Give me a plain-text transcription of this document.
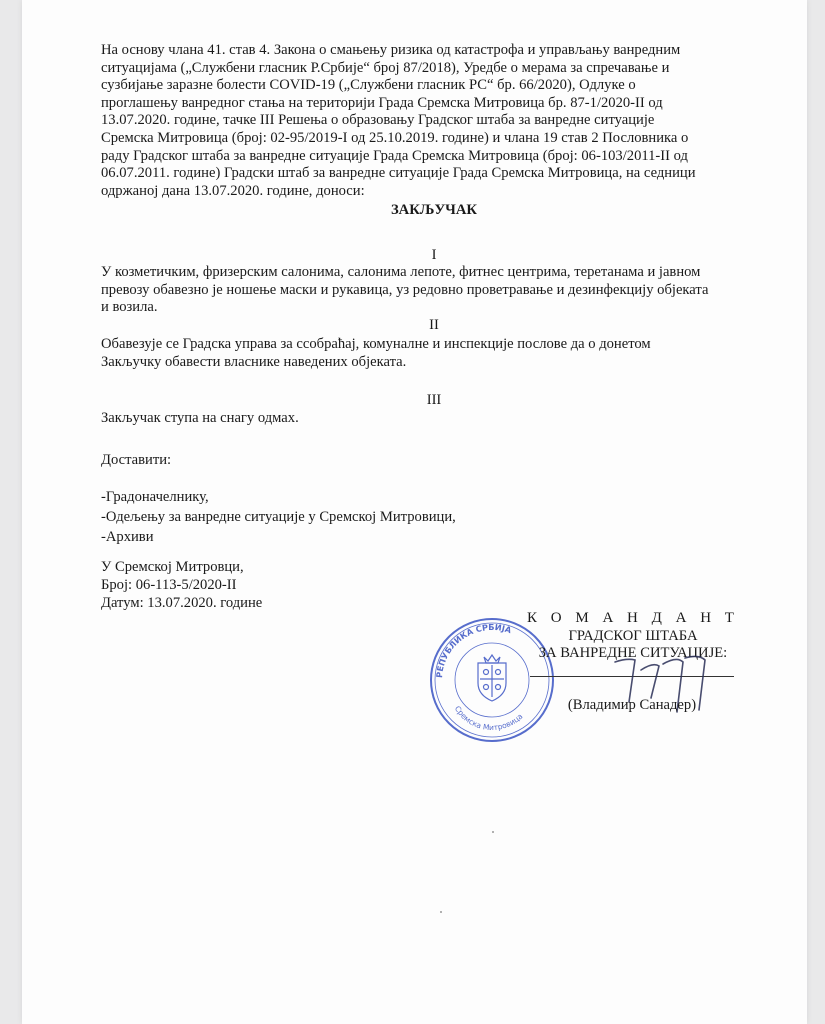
На основу члана 41. став 4. Закона о смањењу ризика од катастрофа и управљању ванредним
ситуацијама („Службени гласник Р.Србије“ број 87/2018), Уредбе о мерама за спречавање и
сузбијање заразне болести COVID-19 („Службени гласник РС“ бр. 66/2020), Одлуке о
проглашењу ванредног стања на територији Града Сремска Митровица бр. 87-1/2020-II од
13.07.2020. године, тачке III Решења о образовању Градског штаба за ванредне ситуације
Сремска Митровица (број: 02-95/2019-I од 25.10.2019. године) и члана 19 став 2 Пословника о
раду Градског штаба за ванредне ситуације Града Сремска Митровица (број: 06-103/2011-II од
06.07.2011. године) Градски штаб за ванредне ситуације Града Сремска Митровица, на седници
одржаној дана 13.07.2020. године, доноси:
ЗАКЉУЧАК
I
У козметичким, фризерским салонима, салонима лепоте, фитнес центрима, теретанама и јавном
превозу обавезно је ношење маски и рукавица, уз редовно проветравање и дезинфекцију објеката
и возила.
II
Обавезује се Градска управа за ссобраћај, комуналне и инспекције послове да о донетом
Закључку обавести власнике наведених објеката.
III
Закључак ступа на снагу одмах.
Доставити:
-Градоначелнику,
-Одељењу за ванредне ситуације у Сремској Митровици,
-Архиви
У Сремској Митровци,
Број: 06-113-5/2020-II
Датум: 13.07.2020. године
РЕПУБЛИКА СРБИЈА
Сремска Митровица
К О М А Н Д А Н Т
ГРАДСКОГ ШТАБА
ЗА ВАНРЕДНЕ СИТУАЦИЈЕ:
(Владимир Санадер)
